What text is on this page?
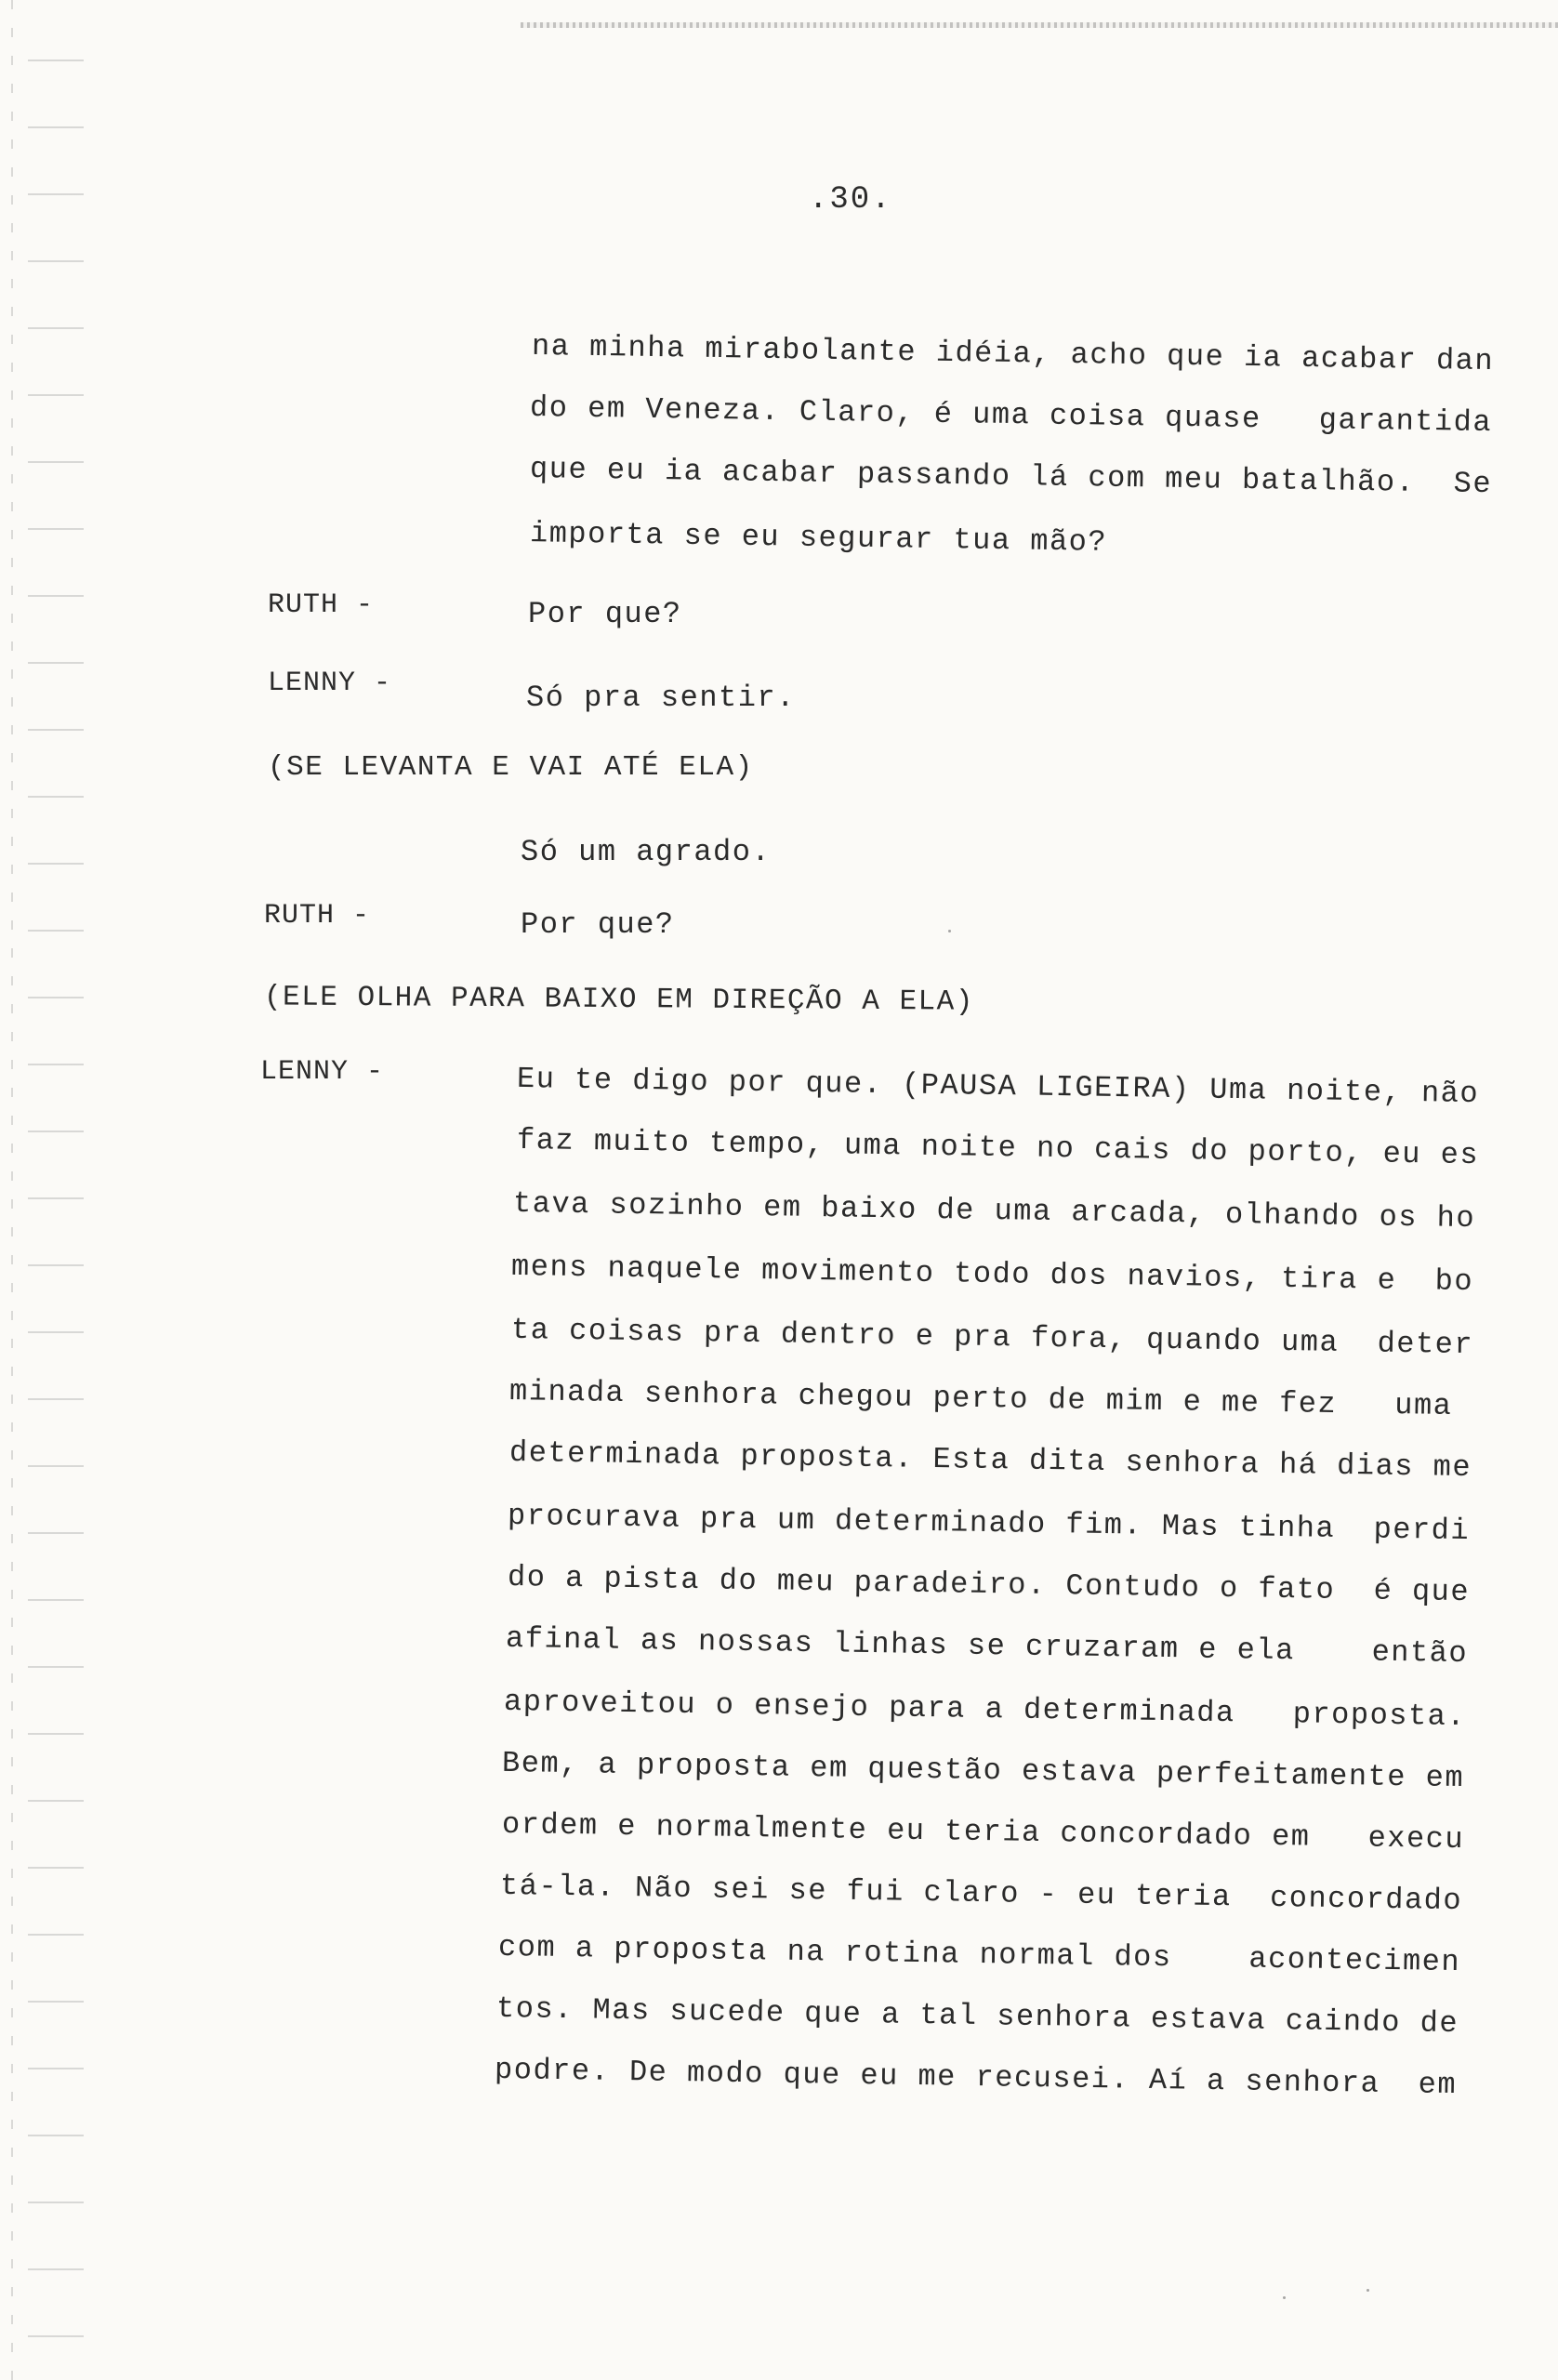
.30.
na minha mirabolante idéia, acho que ia acabar dan
do em Veneza. Claro, é uma coisa quase   garantida
que eu ia acabar passando lá com meu batalhão.  Se
importa se eu segurar tua mão?
RUTH -	Por que?
LENNY -	Só pra sentir.
(SE LEVANTA E VAI ATÉ ELA)
Só um agrado.
RUTH -	Por que?
(ELE OLHA PARA BAIXO EM DIREÇÃO A ELA)
LENNY -	Eu te digo por que. (PAUSA LIGEIRA) Uma noite, não
faz muito tempo, uma noite no cais do porto, eu es
tava sozinho em baixo de uma arcada, olhando os ho
mens naquele movimento todo dos navios, tira e  bo
ta coisas pra dentro e pra fora, quando uma  deter
minada senhora chegou perto de mim e me fez   uma
determinada proposta. Esta dita senhora há dias me
procurava pra um determinado fim. Mas tinha  perdi
do a pista do meu paradeiro. Contudo o fato  é que
afinal as nossas linhas se cruzaram e ela    então
aproveitou o ensejo para a determinada   proposta.
Bem, a proposta em questão estava perfeitamente em
ordem e normalmente eu teria concordado em   execu
tá-la. Não sei se fui claro - eu teria  concordado
com a proposta na rotina normal dos    acontecimen
tos. Mas sucede que a tal senhora estava caindo de
podre. De modo que eu me recusei. Aí a senhora  em
